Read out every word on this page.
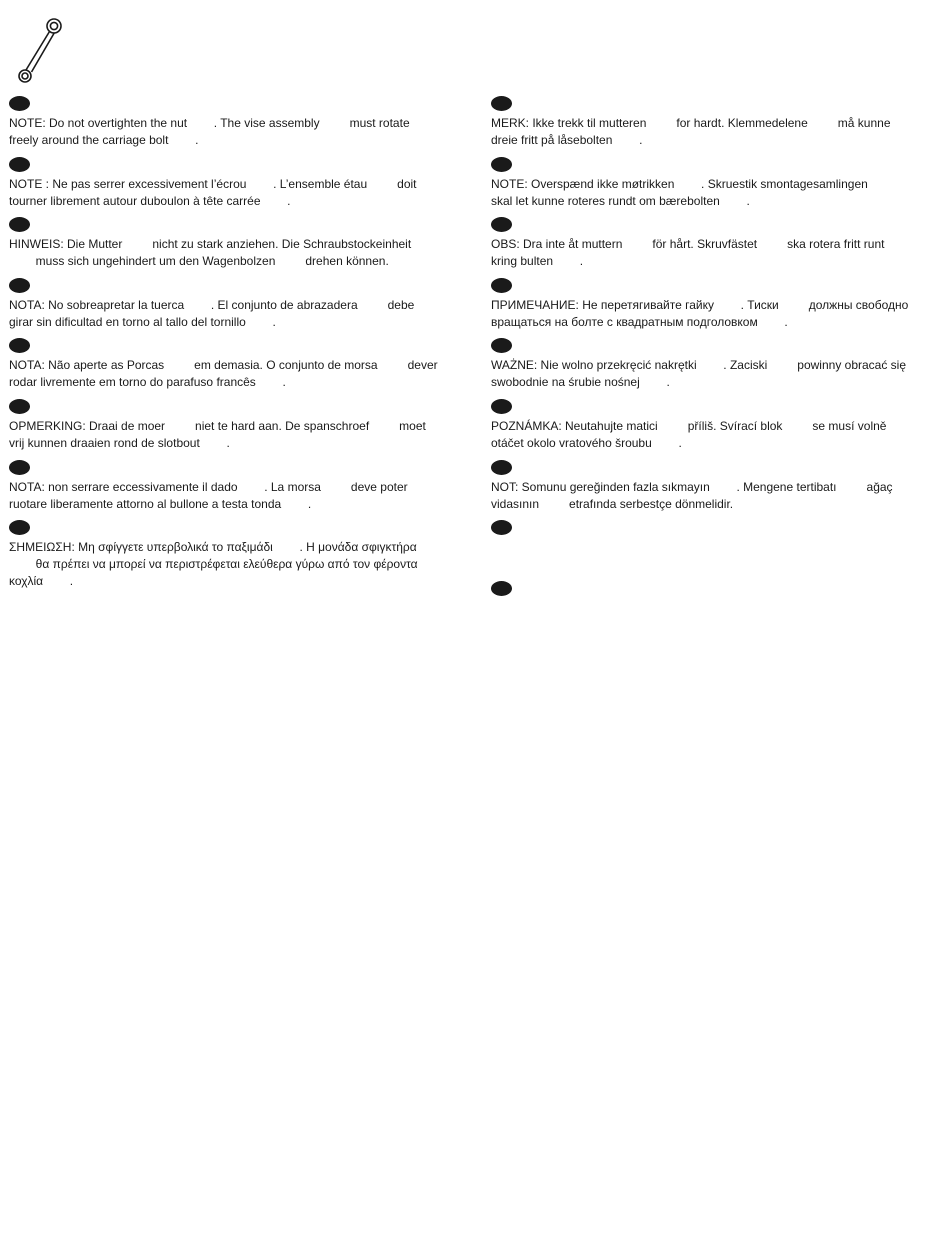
NOTE: Do not overtighten the nut        . The vise assembly         must rotate
freely around the carriage bolt        .
NOTE : Ne pas serrer excessivement l’écrou        . L’ensemble étau         doit
tourner librement autour duboulon à tête carrée        .
HINWEIS: Die Mutter         nicht zu stark anziehen. Die Schraubstockeinheit
muss sich ungehindert um den Wagenbolzen         drehen können.
NOTA: No sobreapretar la tuerca        . El conjunto de abrazadera         debe
girar sin dificultad en torno al tallo del tornillo        .
NOTA: Não aperte as Porcas         em demasia. O conjunto de morsa         dever
rodar livremente em torno do parafuso francês        .
OPMERKING: Draai de moer         niet te hard aan. De spanschroef         moet
vrij kunnen draaien rond de slotbout        .
NOTA: non serrare eccessivamente il dado        . La morsa         deve poter
ruotare liberamente attorno al bullone a testa tonda        .
ΣΗΜΕΙΩΣΗ: Μη σφίγγετε υπερβολικά το παξιμάδι        . Η μονάδα σφιγκτήρα
θα πρέπει να μπορεί να περιστρέφεται ελεύθερα γύρω από τον φέροντα
κοχλία        .
MERK: Ikke trekk til mutteren         for hardt. Klemmedelene         må kunne
dreie fritt på låsebolten        .
NOTE: Overspænd ikke møtrikken        . Skruestik smontagesamlingen
skal let kunne roteres rundt om bærebolten        .
OBS: Dra inte åt muttern         för hårt. Skruvfästet         ska rotera fritt runt
kring bulten        .
ПРИМЕЧАНИЕ: Не перетягивайте гайку        . Тиски         должны свободно
вращаться на болте с квадратным подголовком        .
WAŻNE: Nie wolno przekręcić nakrętki        . Zaciski         powinny obracać się
swobodnie na śrubie nośnej        .
POZNÁMKA: Neutahujte matici         příliš. Svírací blok         se musí volně
otáčet okolo vratového šroubu        .
NOT: Somunu gereğinden fazla sıkmayın        . Mengene tertibatı         ağaç
vidasının         etrafında serbestçe dönmelidir.
